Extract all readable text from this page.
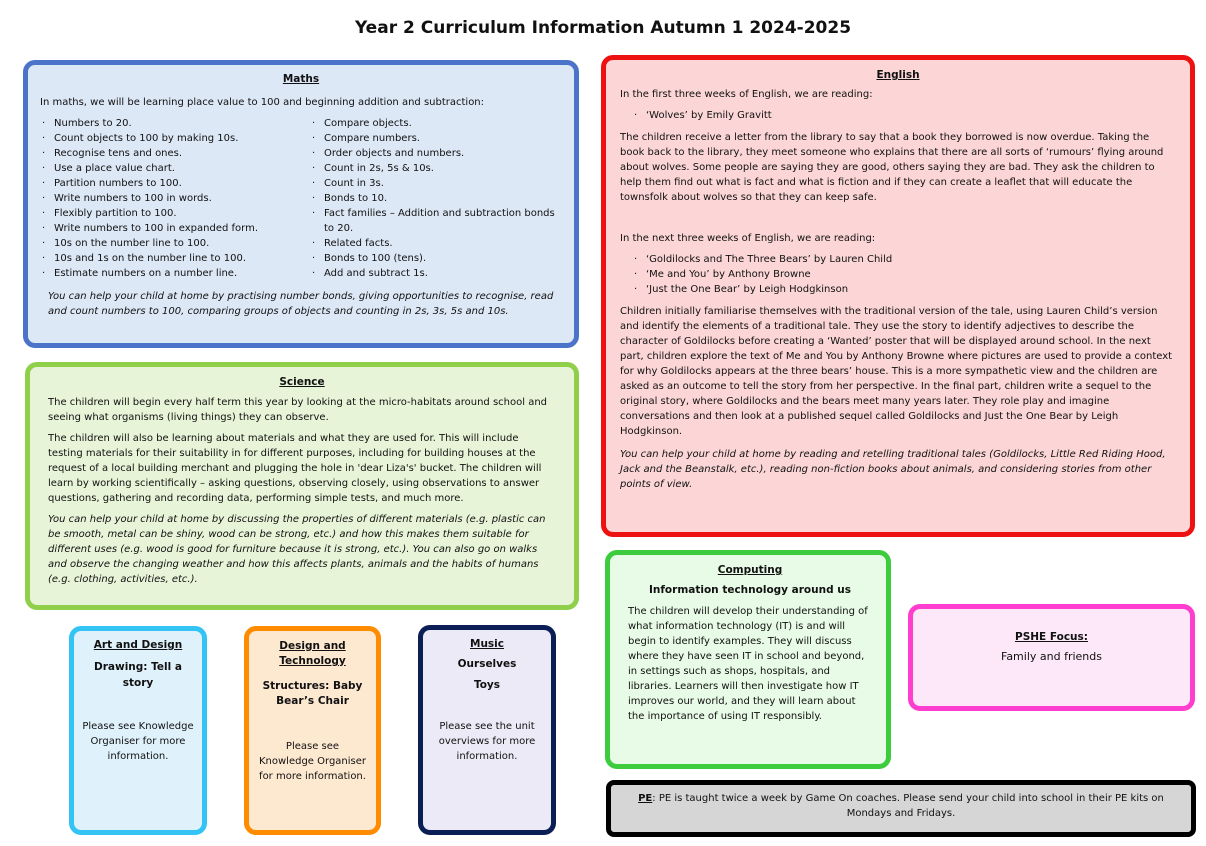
Year 2 Curriculum Information Autumn 1 2024-2025
Maths

In maths, we will be learning place value to 100 and beginning addition and subtraction:

· Numbers to 20.
· Count objects to 100 by making 10s.
· Recognise tens and ones.
· Use a place value chart.
· Partition numbers to 100.
· Write numbers to 100 in words.
· Flexibly partition to 100.
· Write numbers to 100 in expanded form.
· 10s on the number line to 100.
· 10s and 1s on the number line to 100.
· Estimate numbers on a number line.
· Compare objects.
· Compare numbers.
· Order objects and numbers.
· Count in 2s, 5s & 10s.
· Count in 3s.
· Bonds to 10.
· Fact families – Addition and subtraction bonds to 20.
· Related facts.
· Bonds to 100 (tens).
· Add and subtract 1s.

You can help your child at home by practising number bonds, giving opportunities to recognise, read and count numbers to 100, comparing groups of objects and counting in 2s, 3s, 5s and 10s.

Science

The children will begin every half term this year by looking at the micro-habitats around school and seeing what organisms (living things) they can observe.

The children will also be learning about materials and what they are used for. This will include testing materials for their suitability in for different purposes, including for building houses at the request of a local building merchant and plugging the hole in 'dear Liza's' bucket. The children will learn by working scientifically – asking questions, observing closely, using observations to answer questions, gathering and recording data, performing simple tests, and much more.

You can help your child at home by discussing the properties of different materials (e.g. plastic can be smooth, metal can be shiny, wood can be strong, etc.) and how this makes them suitable for different uses (e.g. wood is good for furniture because it is strong, etc.). You can also go on walks and observe the changing weather and how this affects plants, animals and the habits of humans (e.g. clothing, activities, etc.).

English

In the first three weeks of English, we are reading:

· ‘Wolves’ by Emily Gravitt

The children receive a letter from the library to say that a book they borrowed is now overdue. Taking the book back to the library, they meet someone who explains that there are all sorts of ‘rumours’ flying around about wolves. Some people are saying they are good, others saying they are bad. They ask the children to help them find out what is fact and what is fiction and if they can create a leaflet that will educate the townsfolk about wolves so that they can keep safe.

In the next three weeks of English, we are reading:

· ‘Goldilocks and The Three Bears’ by Lauren Child
· ‘Me and You’ by Anthony Browne
· ‘Just the One Bear’ by Leigh Hodgkinson

Children initially familiarise themselves with the traditional version of the tale, using Lauren Child’s version and identify the elements of a traditional tale. They use the story to identify adjectives to describe the character of Goldilocks before creating a ‘Wanted’ poster that will be displayed around school. In the next part, children explore the text of Me and You by Anthony Browne where pictures are used to provide a context for why Goldilocks appears at the three bears’ house. This is a more sympathetic view and the children are asked as an outcome to tell the story from her perspective. In the final part, children write a sequel to the original story, where Goldilocks and the bears meet many years later. They role play and imagine conversations and then look at a published sequel called Goldilocks and Just the One Bear by Leigh Hodgkinson.

You can help your child at home by reading and retelling traditional tales (Goldilocks, Little Red Riding Hood, Jack and the Beanstalk, etc.), reading non-fiction books about animals, and considering stories from other points of view.

Computing
Information technology around us

The children will develop their understanding of what information technology (IT) is and will begin to identify examples. They will discuss where they have seen IT in school and beyond, in settings such as shops, hospitals, and libraries. Learners will then investigate how IT improves our world, and they will learn about the importance of using IT responsibly.

PSHE Focus:

Family and friends

PE: PE is taught twice a week by Game On coaches. Please send your child into school in their PE kits on Mondays and Fridays.

Art and Design
Drawing: Tell a story

Please see Knowledge Organiser for more information.

Design and Technology
Structures: Baby Bear’s Chair

Please see Knowledge Organiser for more information.

Music
Ourselves
Toys

Please see the unit overviews for more information.
